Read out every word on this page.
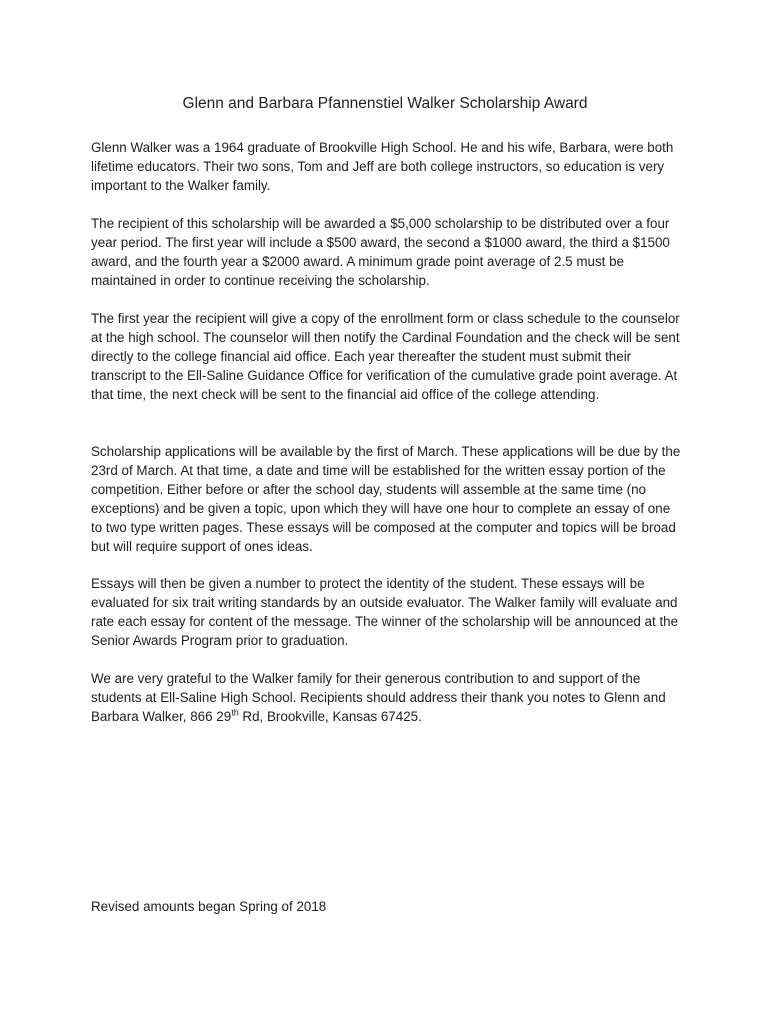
Glenn and Barbara Pfannenstiel Walker Scholarship Award

Glenn Walker was a 1964 graduate of Brookville High School. He and his wife, Barbara, were both lifetime educators. Their two sons, Tom and Jeff are both college instructors, so education is very important to the Walker family.

The recipient of this scholarship will be awarded a $5,000 scholarship to be distributed over a four year period. The first year will include a $500 award, the second a $1000 award, the third a $1500 award, and the fourth year a $2000 award. A minimum grade point average of 2.5 must be maintained in order to continue receiving the scholarship.

The first year the recipient will give a copy of the enrollment form or class schedule to the counselor at the high school. The counselor will then notify the Cardinal Foundation and the check will be sent directly to the college financial aid office. Each year thereafter the student must submit their transcript to the Ell-Saline Guidance Office for verification of the cumulative grade point average. At that time, the next check will be sent to the financial aid office of the college attending.

Scholarship applications will be available by the first of March. These applications will be due by the 23rd of March. At that time, a date and time will be established for the written essay portion of the competition. Either before or after the school day, students will assemble at the same time (no exceptions) and be given a topic, upon which they will have one hour to complete an essay of one to two type written pages. These essays will be composed at the computer and topics will be broad but will require support of ones ideas.

Essays will then be given a number to protect the identity of the student. These essays will be evaluated for six trait writing standards by an outside evaluator. The Walker family will evaluate and rate each essay for content of the message. The winner of the scholarship will be announced at the Senior Awards Program prior to graduation.

We are very grateful to the Walker family for their generous contribution to and support of the students at Ell-Saline High School. Recipients should address their thank you notes to Glenn and Barbara Walker, 866 29th Rd, Brookville, Kansas 67425.

Revised amounts began Spring of 2018
